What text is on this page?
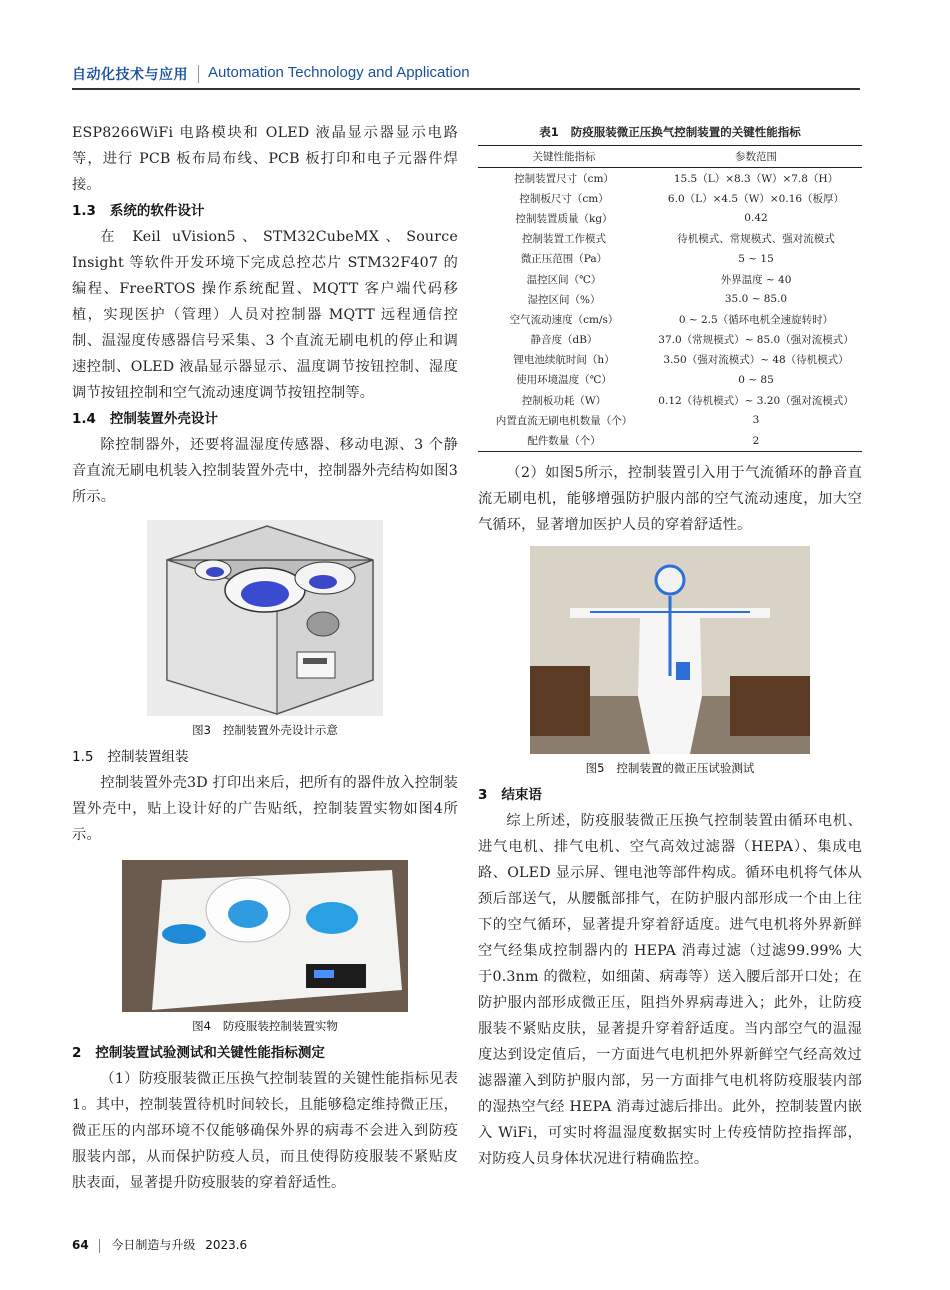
自动化技术与应用 Automation Technology and Application

ESP8266WiFi 电路模块和 OLED 液晶显示器显示电路等，进行 PCB 板布局布线、PCB 板打印和电子元器件焊接。

1.3 系统的软件设计

在 Keil uVision5、STM32CubeMX、Source Insight 等软件开发环境下完成总控芯片 STM32F407 的编程、FreeRTOS 操作系统配置、MQTT 客户端代码移植，实现医护（管理）人员对控制器 MQTT 远程通信控制、温湿度传感器信号采集、3 个直流无刷电机的停止和调速控制、OLED 液晶显示器显示、温度调节按钮控制、湿度调节按钮控制和空气流动速度调节按钮控制等。

1.4 控制装置外壳设计

除控制器外，还要将温湿度传感器、移动电源、3 个静音直流无刷电机装入控制装置外壳中，控制器外壳结构如图3所示。

图3 控制装置外壳设计示意
1.5 控制装置组装

控制装置外壳3D 打印出来后，把所有的器件放入控制装置外壳中，贴上设计好的广告贴纸，控制装置实物如图4所示。

图4 防疫服装控制装置实物
2 控制装置试验测试和关键性能指标测定

（1）防疫服装微正压换气控制装置的关键性能指标见表1。其中，控制装置待机时间较长，且能够稳定维持微正压，微正压的内部环境不仅能够确保外界的病毒不会进入到防疫服装内部，从而保护防疫人员，而且使得防疫服装不紧贴皮肤表面，显著提升防疫服装的穿着舒适性。

表1 防疫服装微正压换气控制装置的关键性能指标
关键性能指标	参数范围
控制装置尺寸（cm）	15.5（L）×8.3（W）×7.8（H）
控制板尺寸（cm）	6.0（L）×4.5（W）×0.16（板厚）
控制装置质量（kg）	0.42
控制装置工作模式	待机模式、常规模式、强对流模式
微正压范围（Pa）	5 ~ 15
温控区间（℃）	外界温度 ~ 40
湿控区间（%）	35.0 ~ 85.0
空气流动速度（cm/s）	0 ~ 2.5（循环电机全速旋转时）
静音度（dB）	37.0（常规模式）~ 85.0（强对流模式）
锂电池续航时间（h）	3.50（强对流模式）~ 48（待机模式）
使用环境温度（℃）	0 ~ 85
控制板功耗（W）	0.12（待机模式）~ 3.20（强对流模式）
内置直流无刷电机数量（个）	3
配件数量（个）	2

（2）如图5所示，控制装置引入用于气流循环的静音直流无刷电机，能够增强防护服内部的空气流动速度，加大空气循环，显著增加医护人员的穿着舒适性。

图5 控制装置的微正压试验测试
3 结束语

综上所述，防疫服装微正压换气控制装置由循环电机、进气电机、排气电机、空气高效过滤器（HEPA）、集成电路、OLED 显示屏、锂电池等部件构成。循环电机将气体从颈后部送气，从腰骶部排气，在防护服内部形成一个由上往下的空气循环，显著提升穿着舒适度。进气电机将外界新鲜空气经集成控制器内的 HEPA 消毒过滤（过滤99.99% 大于0.3nm 的微粒，如细菌、病毒等）送入腰后部开口处；在防护服内部形成微正压，阻挡外界病毒进入；此外，让防疫服装不紧贴皮肤，显著提升穿着舒适度。当内部空气的温湿度达到设定值后，一方面进气电机把外界新鲜空气经高效过滤器灌入到防护服内部，另一方面排气电机将防疫服装内部的湿热空气经 HEPA 消毒过滤后排出。此外，控制装置内嵌入 WiFi，可实时将温湿度数据实时上传疫情防控指挥部，对防疫人员身体状况进行精确监控。

64 今日制造与升级 2023.6
